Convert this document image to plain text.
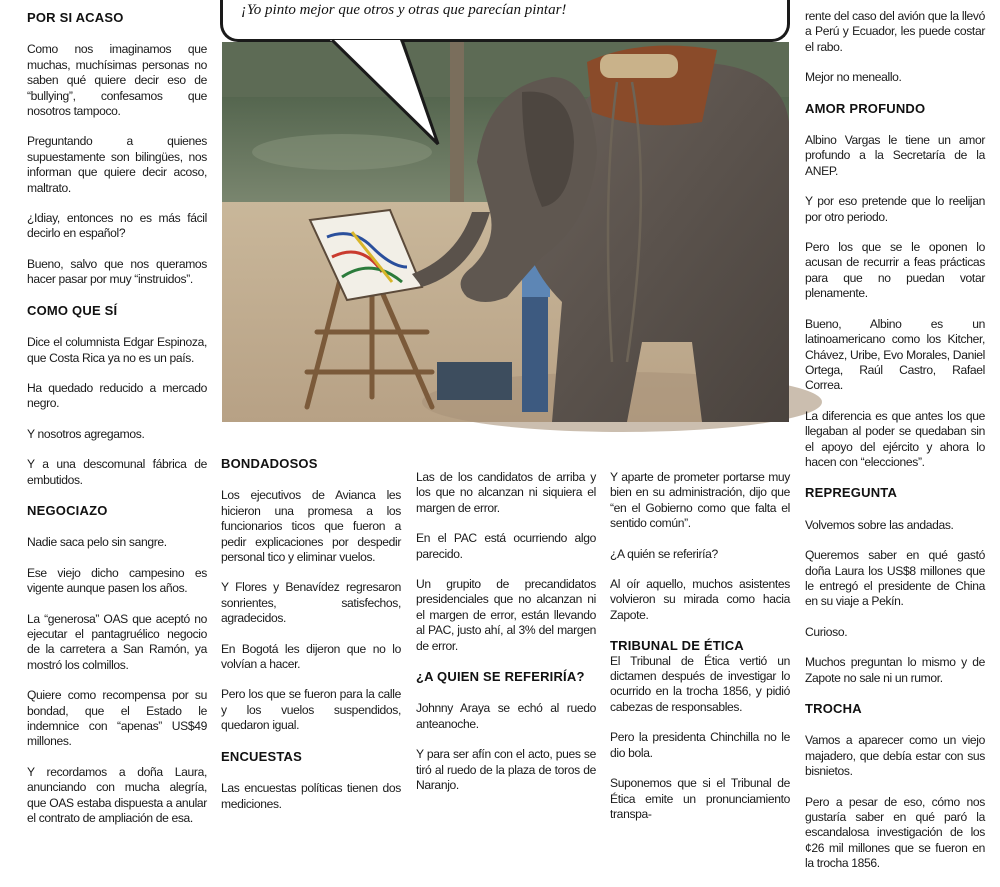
POR SI ACASO

Como nos imaginamos que muchas, muchísimas personas no saben qué quiere decir eso de “bullying”, confesamos que nosotros tampoco.

Preguntando a quienes supuestamente son bilingües, nos informan que quiere decir acoso, maltrato.

¿Idiay, entonces no es más fácil decirlo en español?

Bueno, salvo que nos queramos hacer pasar por muy “instruidos”.

COMO QUE SÍ

Dice el columnista Edgar Espinoza, que Costa Rica ya no es un país.

Ha quedado reducido a mercado negro.

Y nosotros agregamos.

Y a una descomunal fábrica de embutidos.

NEGOCIAZO

Nadie saca pelo sin sangre.

Ese viejo dicho campesino es vigente aunque pasen los años.

La “generosa” OAS que aceptó no ejecutar el pantagruélico negocio de la carretera a San Ramón, ya mostró los colmillos.

Quiere como recompensa por su bondad, que el Estado le indemnice con “apenas” US$49 millones.

Y recordamos a doña Laura, anunciando con mucha alegría, que OAS estaba dispuesta a anular el contrato de ampliación de esa.

¡Yo pinto mejor que otros y otras que parecían pintar!
BONDADOSOS

Los ejecutivos de Avianca les hicieron una promesa a los funcionarios ticos que fueron a pedir explicaciones por despedir personal tico y eliminar vuelos.

Y Flores y Benavídez regresaron sonrientes, satisfechos, agradecidos.

En Bogotá les dijeron que no lo volvían a hacer.

Pero los que se fueron para la calle y los vuelos suspendidos, quedaron igual.

ENCUESTAS

Las encuestas políticas tienen dos mediciones.

Las de los candidatos de arriba y los que no alcanzan ni siquiera el margen de error.

En el PAC está ocurriendo algo parecido.

Un grupito de precandidatos presidenciales que no alcanzan ni el margen de error, están llevando al PAC, justo ahí, al 3% del margen de error.

¿A QUIEN SE REFERIRÍA?

Johnny Araya se echó al ruedo anteanoche.

Y para ser afín con el acto, pues se tiró al ruedo de la plaza de toros de Naranjo.

Y aparte de prometer portarse muy bien en su administración, dijo que “en el Gobierno como que falta el sentido común”.

¿A quién se referiría?

Al oír aquello, muchos asistentes volvieron su mirada como hacia Zapote.

TRIBUNAL DE ÉTICA

El Tribunal de Ética vertió un dictamen después de investigar lo ocurrido en la trocha 1856, y pidió cabezas de responsables.

Pero la presidenta Chinchilla no le dio bola.

Suponemos que si el Tribunal de Ética emite un pronunciamiento transpa-

rente del caso del avión que la llevó a Perú y Ecuador, les puede costar el rabo.

Mejor no meneallo.

AMOR PROFUNDO

Albino Vargas le tiene un amor profundo a la Secretaría de la ANEP.

Y por eso pretende que lo reelijan por otro periodo.

Pero los que se le oponen lo acusan de recurrir a feas prácticas para que no puedan votar plenamente.

Bueno, Albino es un latinoamericano como los Kitcher, Chávez, Uribe, Evo Morales, Daniel Ortega, Raúl Castro, Rafael Correa.

La diferencia es que antes los que llegaban al poder se quedaban sin el apoyo del ejército y ahora lo hacen con “elecciones”.

REPREGUNTA

Volvemos sobre las andadas.

Queremos saber en qué gastó doña Laura los US$8 millones que le entregó el presidente de China en su viaje a Pekín.

Curioso.

Muchos preguntan lo mismo y de Zapote no sale ni un rumor.

TROCHA

Vamos a aparecer como un viejo majadero, que debía estar con sus bisnietos.

Pero a pesar de eso, cómo nos gustaría saber en qué paró la escandalosa investigación de los ¢26 mil millones que se fueron en la trocha 1856.
